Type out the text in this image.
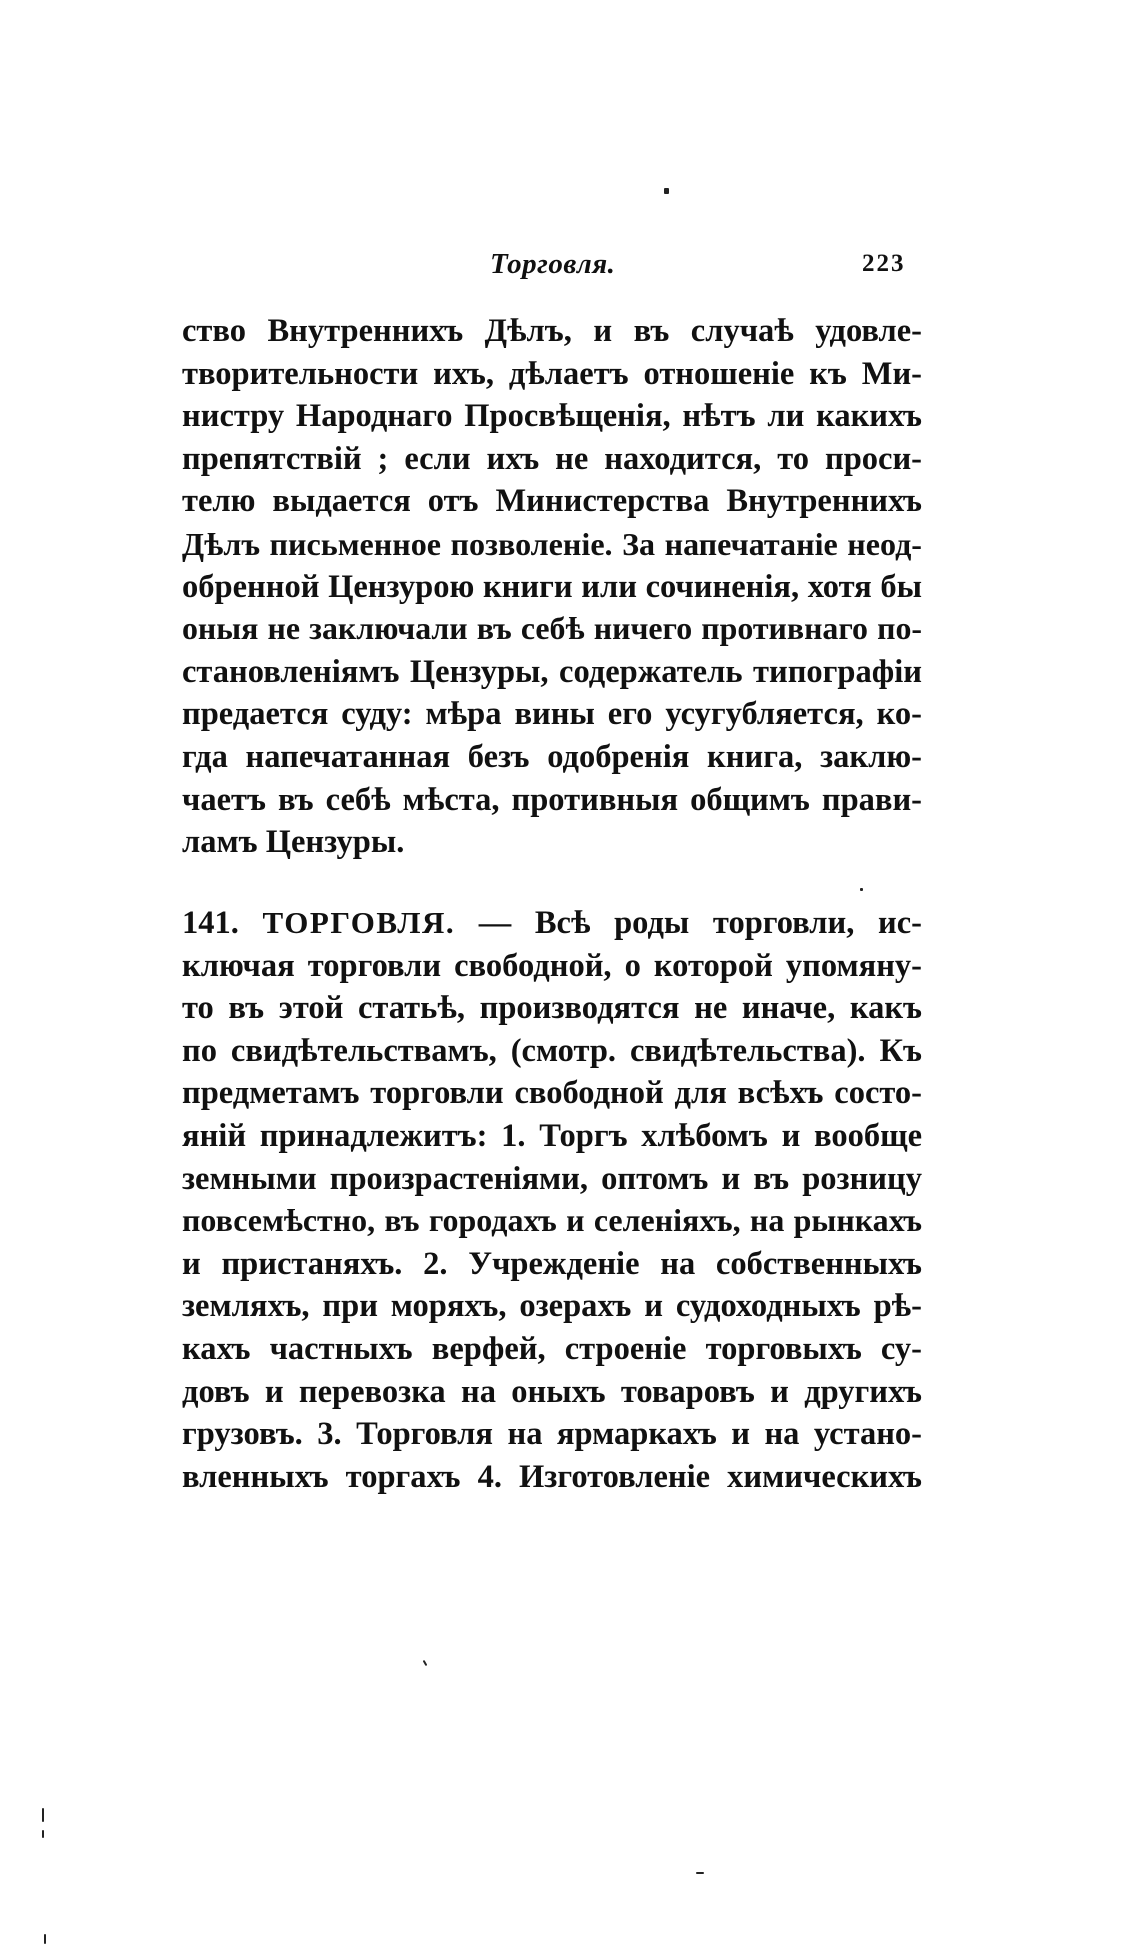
Торговля.	223
ство Внутреннихъ Дѣлъ, и въ случаѣ удовле-
творительности ихъ, дѣлаетъ отношеніе къ Ми-
нистру Народнаго Просвѣщенія, нѣтъ ли какихъ
препятствій ; если ихъ не находится, то проси-
телю выдается отъ Министерства Внутреннихъ
Дѣлъ письменное позволеніе. За напечатаніе неод-
обренной Цензурою книги или сочиненія, хотя бы
оныя не заключали въ себѣ ничего противнаго по-
становленіямъ Цензуры, содержатель типографіи
предается суду: мѣра вины его усугубляется, ко-
гда напечатанная безъ одобренія книга, заклю-
чаетъ въ себѣ мѣста, противныя общимъ прави-
ламъ Цензуры.
141. ТОРГОВЛЯ. — Всѣ роды торговли, ис-
ключая торговли свободной, о которой упомяну-
то въ этой статьѣ, производятся не иначе, какъ
по свидѣтельствамъ, (смотр. свидѣтельства). Къ
предметамъ торговли свободной для всѣхъ состо-
яній принадлежитъ: 1. Торгъ хлѣбомъ и вообще
земными произрастеніями, оптомъ и въ розницу
повсемѣстно, въ городахъ и селеніяхъ, на рынкахъ
и пристаняхъ. 2. Учрежденіе на собственныхъ
земляхъ, при моряхъ, озерахъ и судоходныхъ рѣ-
кахъ частныхъ верфей, строеніе торговыхъ су-
довъ и перевозка на оныхъ товаровъ и другихъ
грузовъ. 3. Торговля на ярмаркахъ и на устано-
вленныхъ торгахъ 4. Изготовленіе химическихъ
